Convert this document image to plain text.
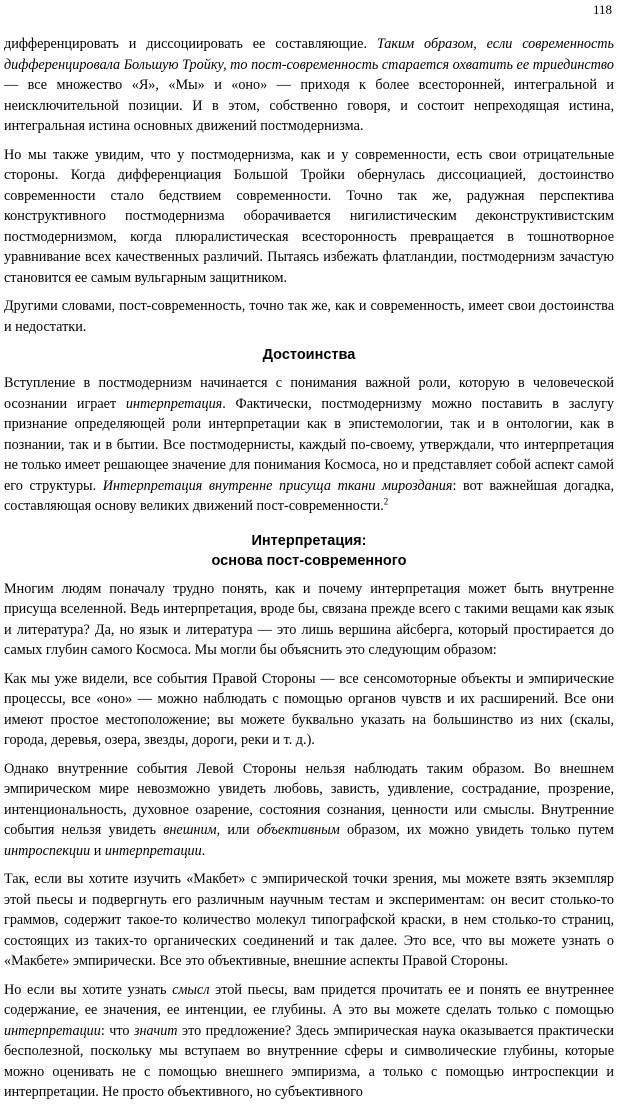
118

дифференцировать и диссоциировать ее составляющие. Таким образом, если современность дифференцировала Большую Тройку, то пост-современность старается охватить ее триединство — все множество «Я», «Мы» и «оно» — приходя к более всесторонней, интегральной и неисключительной позиции. И в этом, собственно говоря, и состоит непреходящая истина, интегральная истина основных движений постмодернизма.

Но мы также увидим, что у постмодернизма, как и у современности, есть свои отрицательные стороны. Когда дифференциация Большой Тройки обернулась диссоциацией, достоинство современности стало бедствием современности. Точно так же, радужная перспектива конструктивного постмодернизма оборачивается нигилистическим деконструктивистским постмодернизмом, когда плюралистическая всесторонность превращается в тошнотворное уравнивание всех качественных различий. Пытаясь избежать флатландии, постмодернизм зачастую становится ее самым вульгарным защитником.

Другими словами, пост-современность, точно так же, как и современность, имеет свои достоинства и недостатки.

Достоинства

Вступление в постмодернизм начинается с понимания важной роли, которую в человеческой осознании играет интерпретация. Фактически, постмодернизму можно поставить в заслугу признание определяющей роли интерпретации как в эпистемологии, так и в онтологии, как в познании, так и в бытии. Все постмодернисты, каждый по-своему, утверждали, что интерпретация не только имеет решающее значение для понимания Космоса, но и представляет собой аспект самой его структуры. Интерпретация внутренне присуща ткани мироздания: вот важнейшая догадка, составляющая основу великих движений пост-современности.$^2$

Интерпретация:
основа пост-современного

Многим людям поначалу трудно понять, как и почему интерпретация может быть внутренне присуща вселенной. Ведь интерпретация, вроде бы, связана прежде всего с такими вещами как язык и литература? Да, но язык и литература — это лишь вершина айсберга, который простирается до самых глубин самого Космоса. Мы могли бы объяснить это следующим образом:

Как мы уже видели, все события Правой Стороны — все сенсомоторные объекты и эмпирические процессы, все «оно» — можно наблюдать с помощью органов чувств и их расширений. Все они имеют простое местоположение; вы можете буквально указать на большинство из них (скалы, города, деревья, озера, звезды, дороги, реки и т. д.).

Однако внутренние события Левой Стороны нельзя наблюдать таким образом. Во внешнем эмпирическом мире невозможно увидеть любовь, зависть, удивление, сострадание, прозрение, интенциональность, духовное озарение, состояния сознания, ценности или смыслы. Внутренние события нельзя увидеть внешним, или объективным образом, их можно увидеть только путем интроспекции и интерпретации.

Так, если вы хотите изучить «Макбет» с эмпирической точки зрения, мы можете взять экземпляр этой пьесы и подвергнуть его различным научным тестам и экспериментам: он весит столько-то граммов, содержит такое-то количество молекул типографской краски, в нем столько-то страниц, состоящих из таких-то органических соединений и так далее. Это все, что вы можете узнать о «Макбете» эмпирически. Все это объективные, внешние аспекты Правой Стороны.

Но если вы хотите узнать смысл этой пьесы, вам придется прочитать ее и понять ее внутреннее содержание, ее значения, ее интенции, ее глубины. А это вы можете сделать только с помощью интерпретации: что значит это предложение? Здесь эмпирическая наука оказывается практически бесполезной, поскольку мы вступаем во внутренние сферы и символические глубины, которые можно оценивать не с помощью внешнего эмпиризма, а только с помощью интроспекции и интерпретации. Не просто объективного, но субъективного
